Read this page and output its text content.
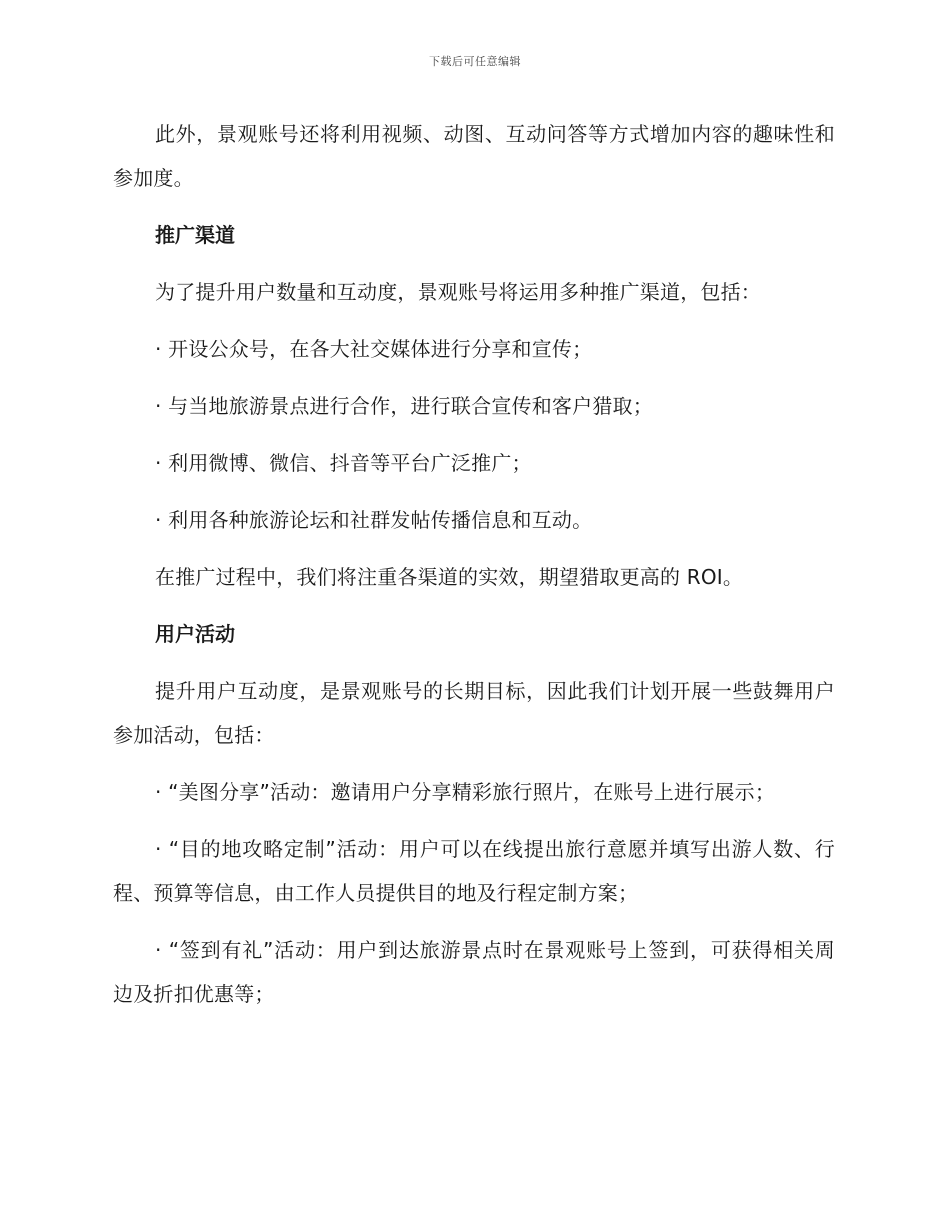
下载后可任意编辑

此外，景观账号还将利用视频、动图、互动问答等方式增加内容的趣味性和参加度。

推广渠道

为了提升用户数量和互动度，景观账号将运用多种推广渠道，包括：

· 开设公众号，在各大社交媒体进行分享和宣传；

· 与当地旅游景点进行合作，进行联合宣传和客户猎取；

· 利用微博、微信、抖音等平台广泛推广；

· 利用各种旅游论坛和社群发帖传播信息和互动。

在推广过程中，我们将注重各渠道的实效，期望猎取更高的 ROI。

用户活动

提升用户互动度，是景观账号的长期目标，因此我们计划开展一些鼓舞用户参加活动，包括：

· “美图分享”活动：邀请用户分享精彩旅行照片，在账号上进行展示；

· “目的地攻略定制”活动：用户可以在线提出旅行意愿并填写出游人数、行程、预算等信息，由工作人员提供目的地及行程定制方案；

· “签到有礼”活动：用户到达旅游景点时在景观账号上签到，可获得相关周边及折扣优惠等；
